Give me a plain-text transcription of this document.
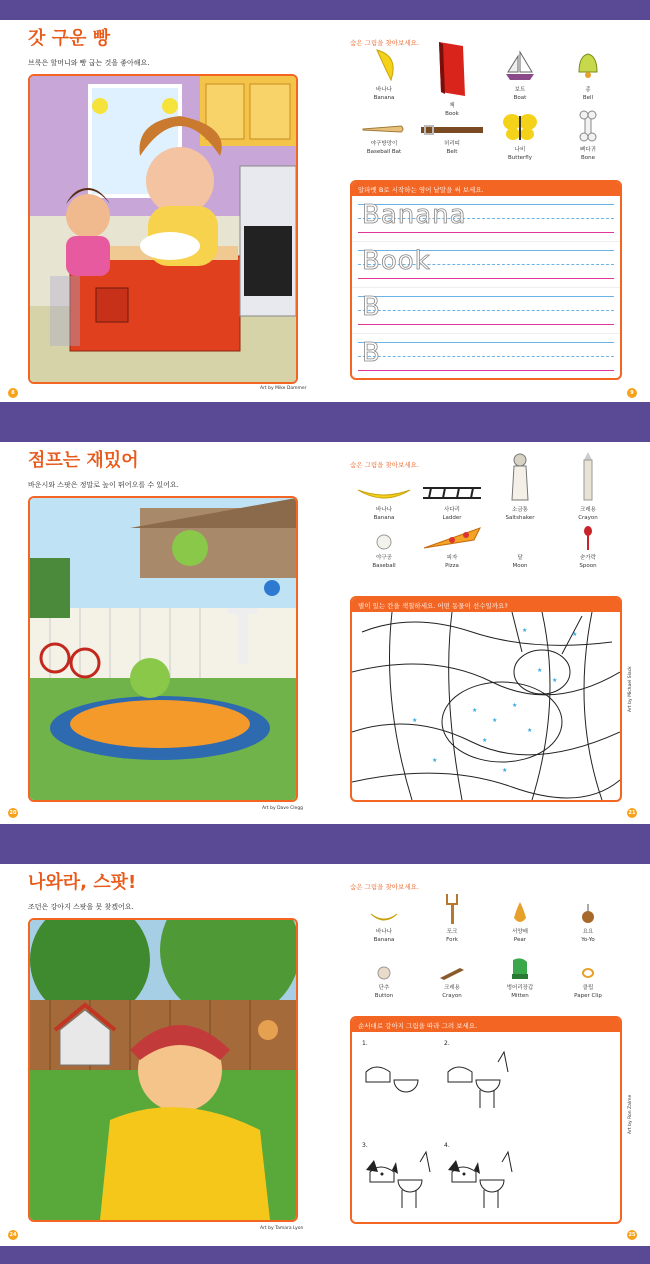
갓 구운 빵
브룩은 할머니와 빵 굽는 것을 좋아해요.
Art by Mike Dammer
8	9
숨은 그림을 찾아보세요.
바나나
Banana
책
Book
보트
Boat
종
Bell
야구방망이
Baseball Bat
허리띠
Belt	나비
Butterfly
뼈다귀
Bone
알파벳 B로 시작하는 영어 낱말을 써 보세요.
Banana
Book
B
B
점프는 재밌어
바운시와 스팟은 정말로 높이 뛰어오를 수 있어요.
Art by Dave Clegg
20	21
숨은 그림을 찾아보세요.
바나나
Banana
사다리
Ladder
소금통
Saltshaker
크레용
Crayon
야구공
Baseball
피자
Pizza
달
Moon
숟가락
Spoon
별이 있는 칸을 색칠하세요. 어떤 동물이 선수일까요?
★
★
★
★
★
★
★
★
★
★
★
★
Art by Michael Slack
나와라, 스팟!
조던은 강아지 스팟을 못 찾겠어요.
Art by Tamara Lyon
24	25
숨은 그림을 찾아보세요.
바나나
Banana
포크
Fork
서양배
Pear
요요
Yo-Yo
단추
Button
크레용
Crayon
벙어리장갑
Mitten
클립
Paper Clip
순서대로 강아지 그림을 따라 그려 보세요.
1.	2.
3.	4.
Art by Ron Zalme
